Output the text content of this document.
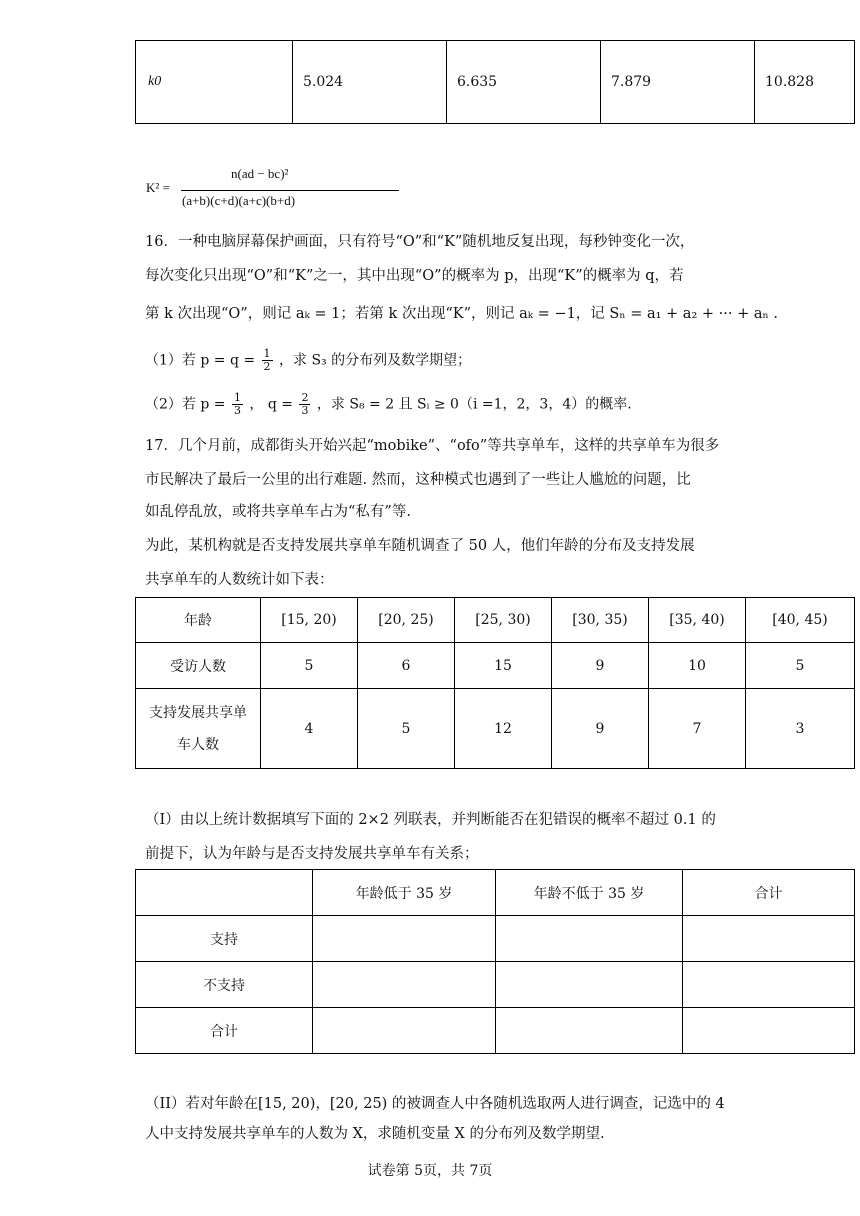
k0	5.024	6.635	7.879	10.828
K² =
n(ad − bc)²
(a+b)(c+d)(a+c)(b+d)
16．一种电脑屏幕保护画面，只有符号“O”和“K”随机地反复出现，每秒钟变化一次，
每次变化只出现“O”和“K”之一，其中出现“O”的概率为 p，出现“K”的概率为 q，若
第 k 次出现“O”，则记 aₖ = 1；若第 k 次出现“K”，则记 aₖ = −1，记 Sₙ = a₁ + a₂ + ··· + aₙ .
（1）若 $p = q = \frac{1}{2}$ ，求 S₃ 的分布列及数学期望；
（2）若 $p = \frac{1}{3}$ ， $q = \frac{2}{3}$ ，求 S₈ = 2 且 Sᵢ ≥ 0（i =1，2，3，4）的概率.
17．几个月前，成都街头开始兴起“mobike”、“ofo”等共享单车，这样的共享单车为很多
市民解决了最后一公里的出行难题. 然而，这种模式也遇到了一些让人尴尬的问题，比
如乱停乱放，或将共享单车占为“私有”等.
为此，某机构就是否支持发展共享单车随机调查了 50 人，他们年龄的分布及支持发展
共享单车的人数统计如下表：
年龄	[15, 20)	[20, 25)	[25, 30)	[30, 35)	[35, 40)	[40, 45)
受访人数	5	6	15	9	10	5
支持发展共享单
车人数	4	5	12	9	7	3
（I）由以上统计数据填写下面的 2×2 列联表，并判断能否在犯错误的概率不超过 0.1 的
前提下，认为年龄与是否支持发展共享单车有关系；
	年龄低于 35 岁	年龄不低于 35 岁	合计
支持			
不支持			
合计			
（II）若对年龄在[15, 20)，[20, 25) 的被调查人中各随机选取两人进行调查，记选中的 4
人中支持发展共享单车的人数为 X，求随机变量 X 的分布列及数学期望.
试卷第 5页，共 7页
